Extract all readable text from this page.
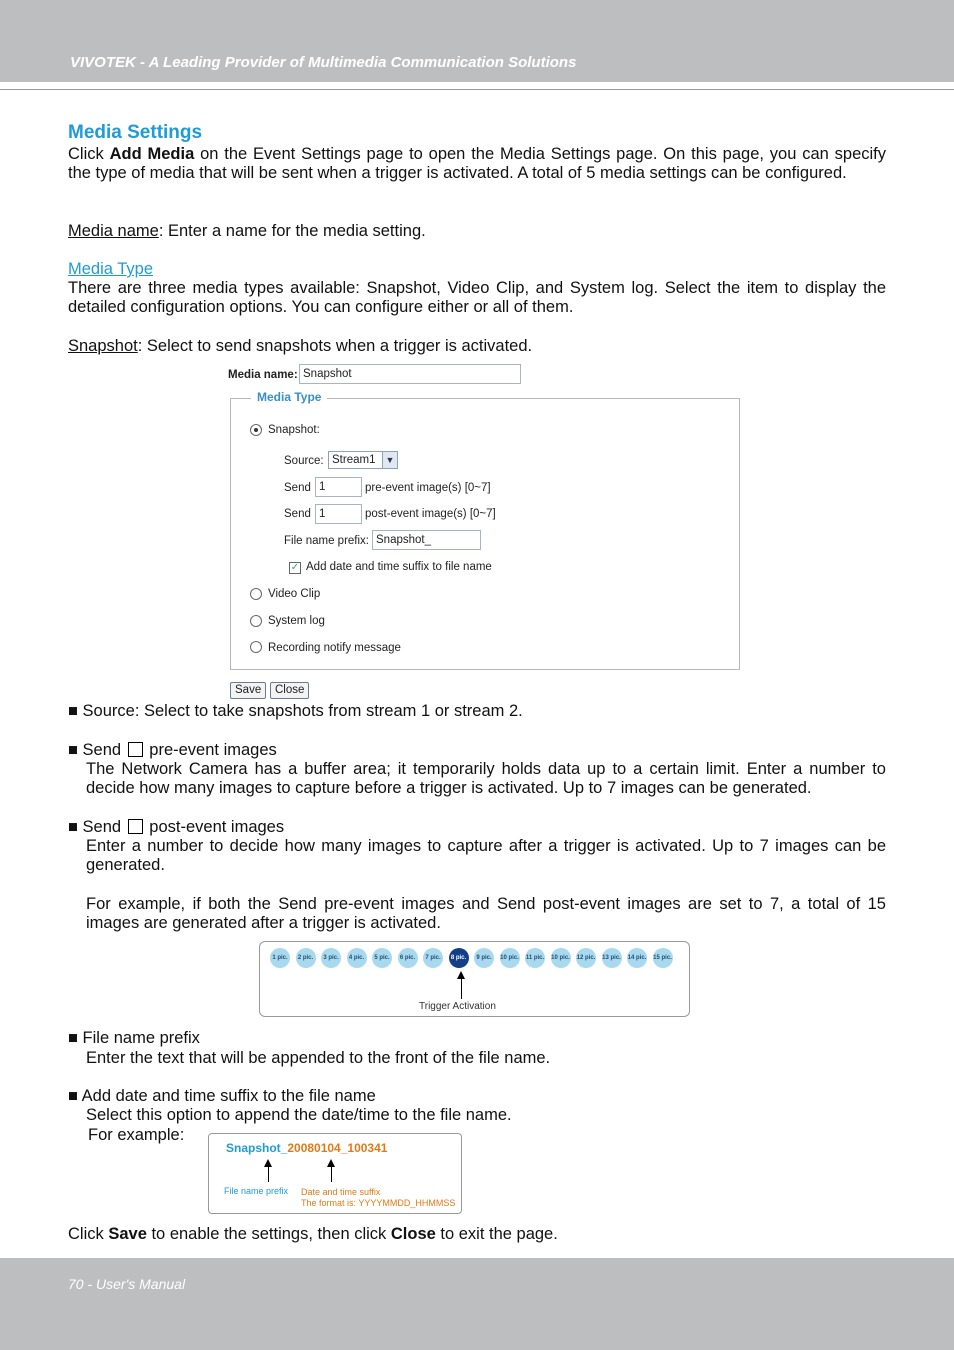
VIVOTEK - A Leading Provider of Multimedia Communication Solutions
Media Settings

Click Add Media on the Event Settings page to open the Media Settings page. On this page, you can specify the type of media that will be sent when a trigger is activated. A total of 5 media settings can be configured.

Media name: Enter a name for the media setting.

Media Type

There are three media types available: Snapshot, Video Clip, and System log. Select the item to display the detailed configuration options. You can configure either or all of them.

Snapshot: Select to send snapshots when a trigger is activated.

Media name:
Snapshot
Media Type
Snapshot:
Source: Stream1	▼
Send
1	pre-event image(s) [0~7]
Send
1	post-event image(s) [0~7]
File name prefix:
Snapshot_
✓ Add date and time suffix to file name
Video Clip
System log
Recording notify message
Save	Close
■ Source: Select to take snapshots from stream 1 or stream 2.
■ Send pre-event images

The Network Camera has a buffer area; it temporarily holds data up to a certain limit. Enter a number to decide how many images to capture before a trigger is activated. Up to 7 images can be generated.

■ Send post-event images

Enter a number to decide how many images to capture after a trigger is activated. Up to 7 images can be generated.

For example, if both the Send pre-event images and Send post-event images are set to 7, a total of 15 images are generated after a trigger is activated.

Trigger Activation
1 pic.	2 pic.	3 pic.	4 pic.	5 pic.	6 pic.	7 pic.	8 pic.	9 pic.	10 pic. 11 pic. 10 pic. 12 pic. 13 pic. 14 pic. 15 pic.
■ File name prefix
Enter the text that will be appended to the front of the file name.
■ Add date and time suffix to the file name
Select this option to append the date/time to the file name.
For example:
Snapshot_20080104_100341
File name prefix Date and time suffix
The format is: YYYYMMDD_HHMMSS

Click Save to enable the settings, then click Close to exit the page.

70 - User's Manual
